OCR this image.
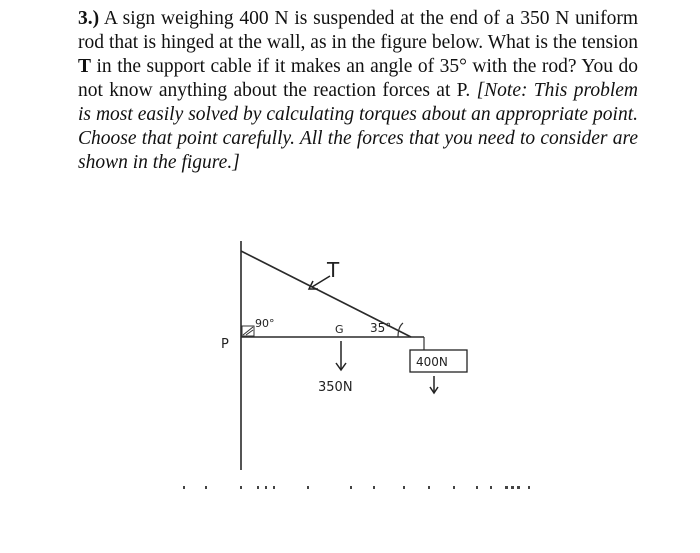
3.) A sign weighing 400 N is suspended at the end of a 350 N uniform rod that is hinged at the wall, as in the figure below. What is the tension T in the support cable if it makes an angle of 35° with the rod? You do not know anything about the reaction forces at P. [Note: This problem is most easily solved by calculating torques about an appropriate point. Choose that point carefully. All the forces that you need to consider are shown in the figure.]

T
P
90°	G 35°
350N
400N
